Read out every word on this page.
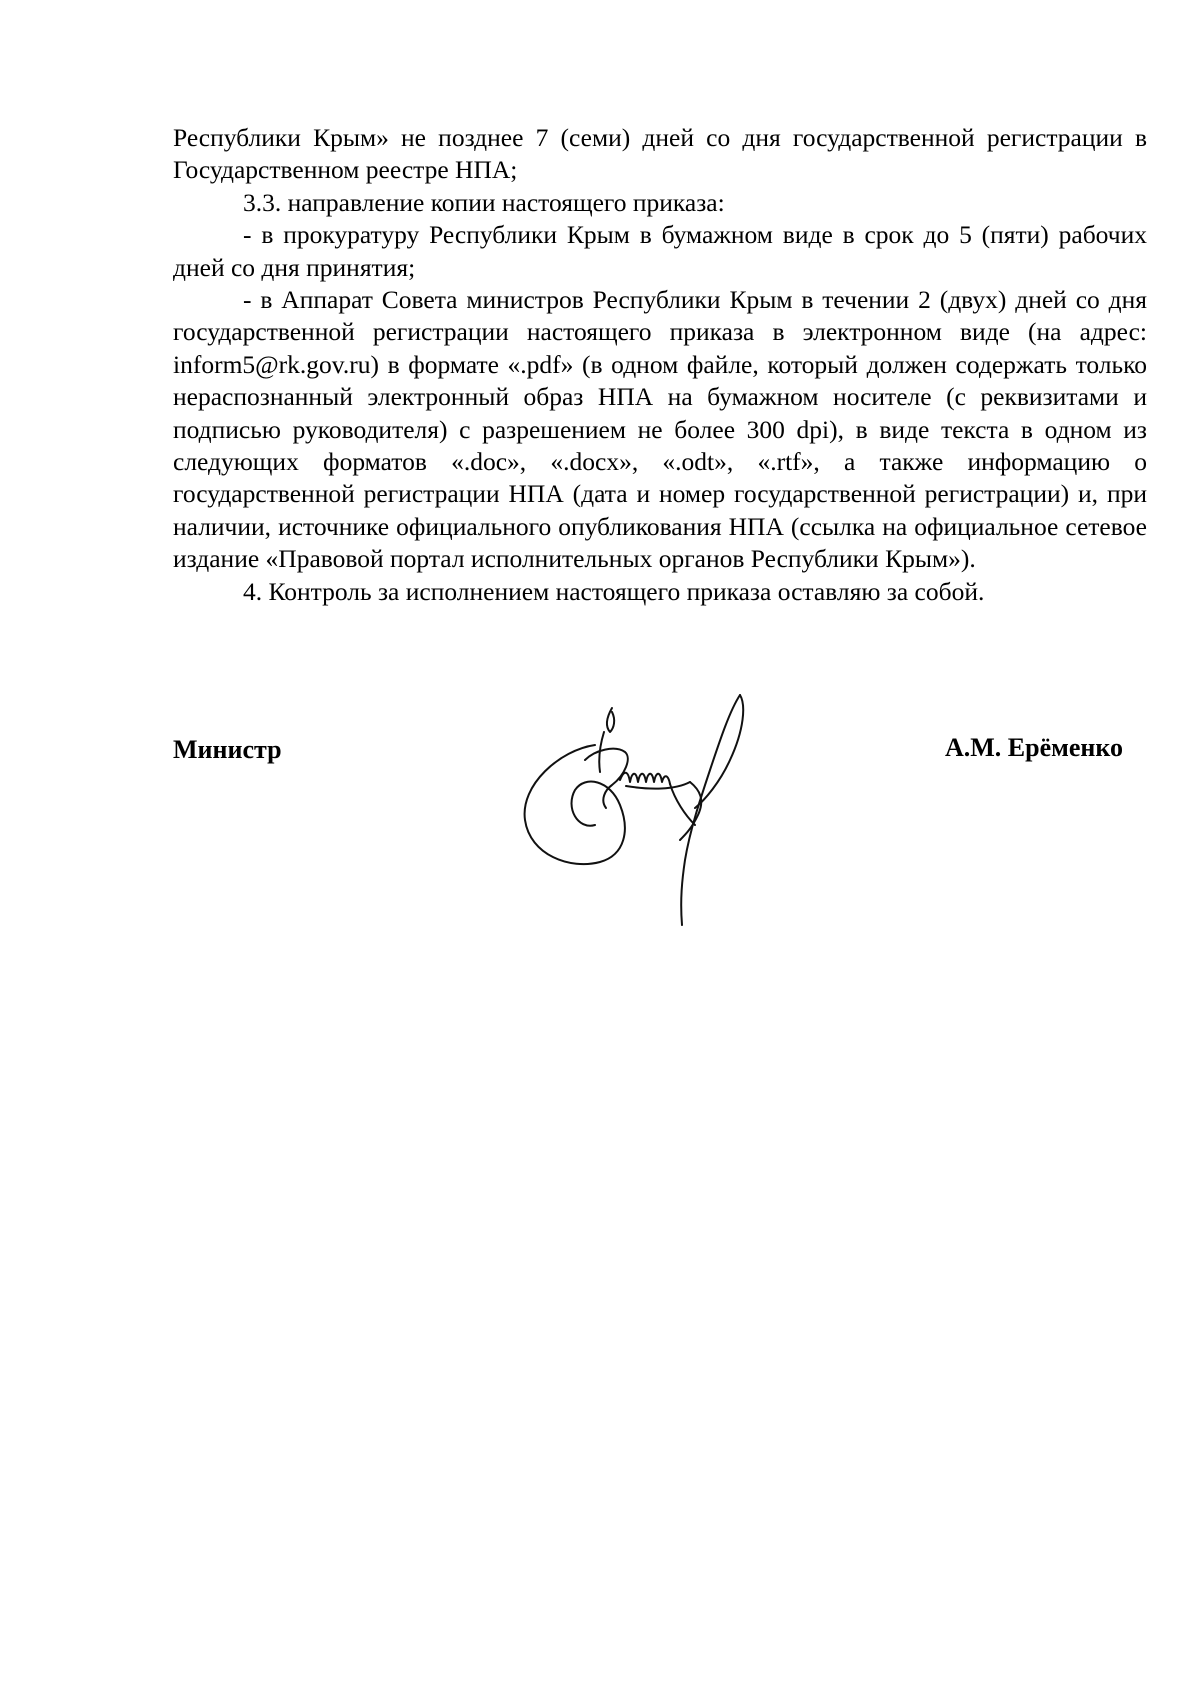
Республики Крым» не позднее 7 (семи) дней со дня государственной регистрации в Государственном реестре НПА;

3.3. направление копии настоящего приказа:

- в прокуратуру Республики Крым в бумажном виде в срок до 5 (пяти) рабочих дней со дня принятия;

- в Аппарат Совета министров Республики Крым в течении 2 (двух) дней со дня государственной регистрации настоящего приказа в электронном виде (на адрес: inform5@rk.gov.ru) в формате «.pdf» (в одном файле, который должен содержать только нераспознанный электронный образ НПА на бумажном носителе (с реквизитами и подписью руководителя) с разрешением не более 300 dpi), в виде текста в одном из следующих форматов «.doc», «.docx», «.odt», «.rtf», а также информацию о государственной регистрации НПА (дата и номер государственной регистрации) и, при наличии, источнике официального опубликования НПА (ссылка на официальное сетевое издание «Правовой портал исполнительных органов Республики Крым»).

4. Контроль за исполнением настоящего приказа оставляю за собой.

Министр	А.М. Ерёменко
